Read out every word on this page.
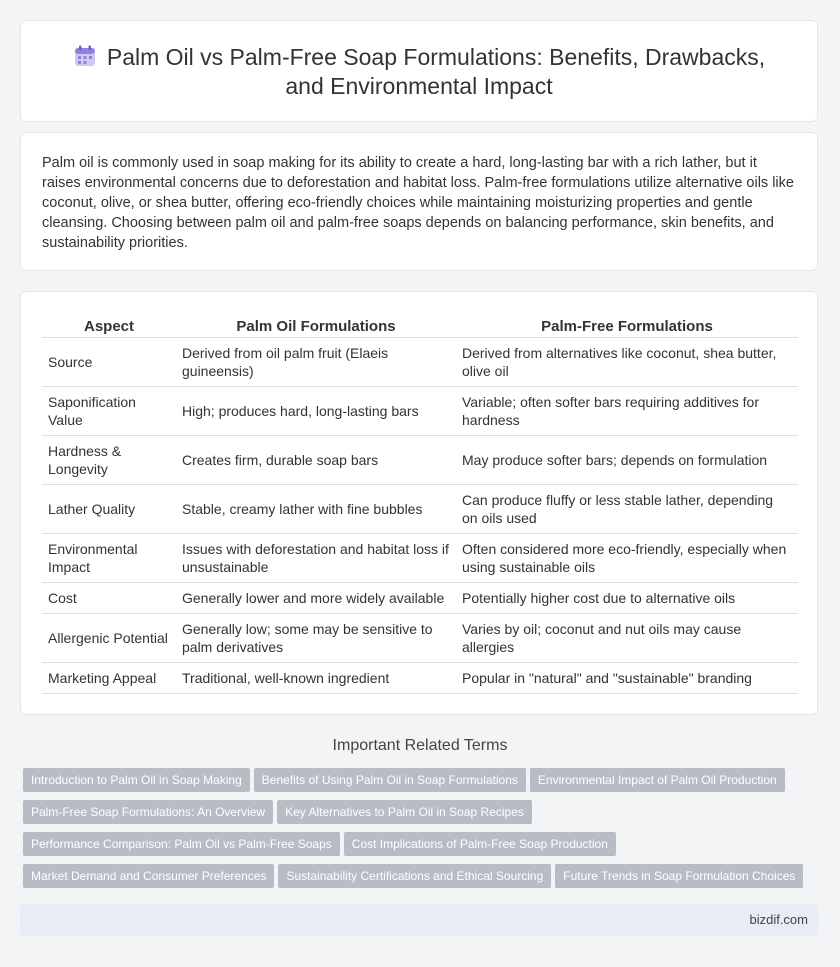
Palm Oil vs Palm-Free Soap Formulations: Benefits, Drawbacks,
and Environmental Impact

Palm oil is commonly used in soap making for its ability to create a hard, long-lasting bar with a rich lather, but it raises environmental concerns due to deforestation and habitat loss. Palm-free formulations utilize alternative oils like coconut, olive, or shea butter, offering eco-friendly choices while maintaining moisturizing properties and gentle cleansing. Choosing between palm oil and palm-free soaps depends on balancing performance, skin benefits, and sustainability priorities.

Aspect	Palm Oil Formulations	Palm-Free Formulations
Source	Derived from oil palm fruit (Elaeis guineensis)	Derived from alternatives like coconut, shea butter, olive oil
Saponification Value	High; produces hard, long-lasting bars	Variable; often softer bars requiring additives for hardness
Hardness & Longevity	Creates firm, durable soap bars	May produce softer bars; depends on formulation
Lather Quality	Stable, creamy lather with fine bubbles	Can produce fluffy or less stable lather, depending on oils used
Environmental Impact	Issues with deforestation and habitat loss if unsustainable	Often considered more eco-friendly, especially when using sustainable oils
Cost	Generally lower and more widely available	Potentially higher cost due to alternative oils
Allergenic Potential	Generally low; some may be sensitive to palm derivatives	Varies by oil; coconut and nut oils may cause allergies
Marketing Appeal	Traditional, well-known ingredient	Popular in "natural" and "sustainable" branding
Important Related Terms
Introduction to Palm Oil in Soap Making Benefits of Using Palm Oil in Soap Formulations Environmental Impact of Palm Oil Production
Palm-Free Soap Formulations: An Overview Key Alternatives to Palm Oil in Soap Recipes
Performance Comparison: Palm Oil vs Palm-Free Soaps Cost Implications of Palm-Free Soap Production
Market Demand and Consumer Preferences Sustainability Certifications and Ethical Sourcing Future Trends in Soap Formulation Choices
bizdif.com
